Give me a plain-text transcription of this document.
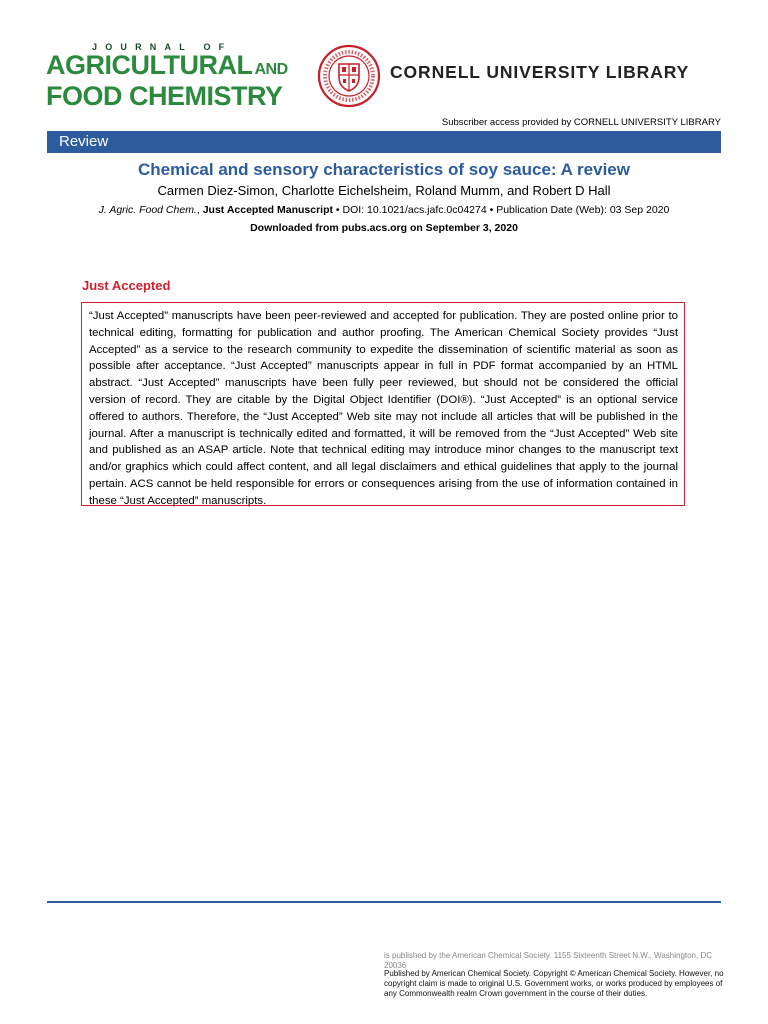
JOURNAL OF
AGRICULTURAL AND
FOOD CHEMISTRY
CORNELL UNIVERSITY LIBRARY
Subscriber access provided by CORNELL UNIVERSITY LIBRARY
Review
Chemical and sensory characteristics of soy sauce: A review
Carmen Diez-Simon, Charlotte Eichelsheim, Roland Mumm, and Robert D Hall
J. Agric. Food Chem., Just Accepted Manuscript • DOI: 10.1021/acs.jafc.0c04274 • Publication Date (Web): 03 Sep 2020
Downloaded from pubs.acs.org on September 3, 2020
Just Accepted

“Just Accepted” manuscripts have been peer-reviewed and accepted for publication. They are posted online prior to technical editing, formatting for publication and author proofing. The American Chemical Society provides “Just Accepted” as a service to the research community to expedite the dissemination of scientific material as soon as possible after acceptance. “Just Accepted” manuscripts appear in full in PDF format accompanied by an HTML abstract. “Just Accepted” manuscripts have been fully peer reviewed, but should not be considered the official version of record. They are citable by the Digital Object Identifier (DOI®). “Just Accepted” is an optional service offered to authors. Therefore, the “Just Accepted” Web site may not include all articles that will be published in the journal. After a manuscript is technically edited and formatted, it will be removed from the “Just Accepted” Web site and published as an ASAP article. Note that technical editing may introduce minor changes to the manuscript text and/or graphics which could affect content, and all legal disclaimers and ethical guidelines that apply to the journal pertain. ACS cannot be held responsible for errors or consequences arising from the use of information contained in these “Just Accepted” manuscripts.

is published by the American Chemical Society. 1155 Sixteenth Street N.W., Washington, DC 20036
Published by American Chemical Society. Copyright © American Chemical Society. However, no copyright claim is made to original U.S. Government works, or works produced by employees of any Commonwealth realm Crown government in the course of their duties.
